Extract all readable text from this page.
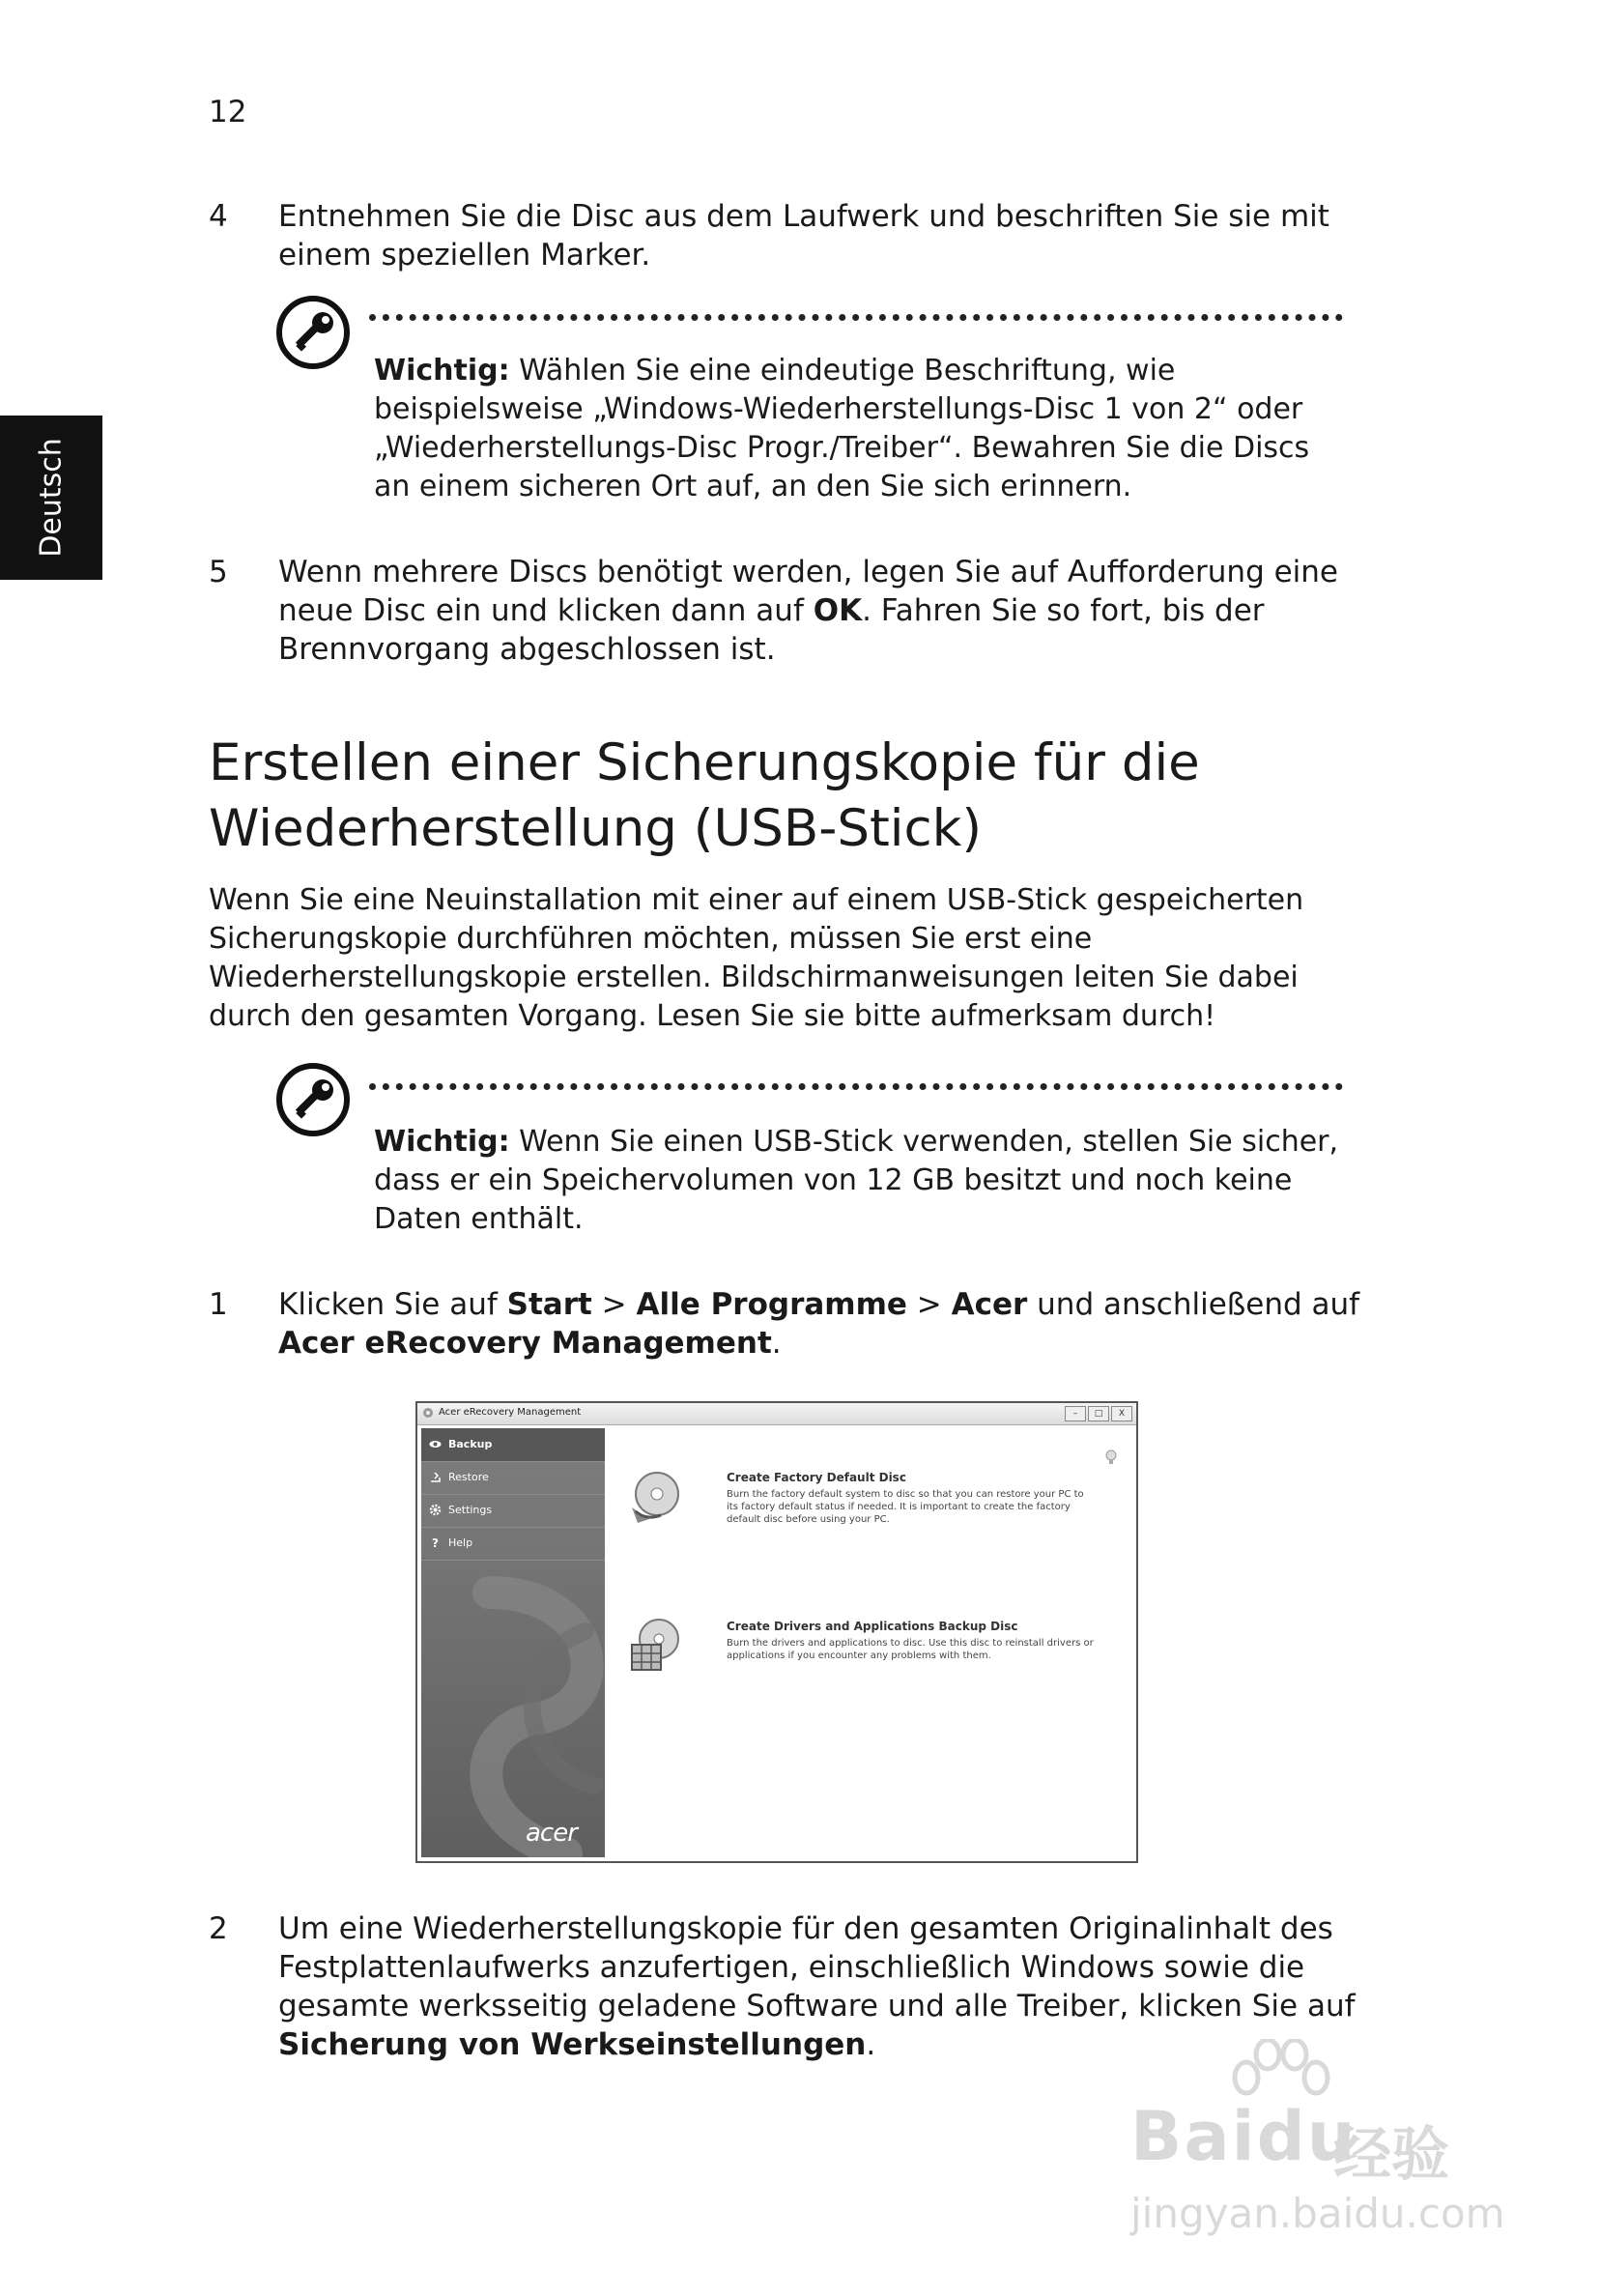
12
Deutsch
4 Entnehmen Sie die Disc aus dem Laufwerk und beschriften Sie sie mit einem speziellen Marker.
Wichtig: Wählen Sie eine eindeutige Beschriftung, wie beispielsweise „Windows-Wiederherstellungs-Disc 1 von 2“ oder „Wiederherstellungs-Disc Progr./Treiber“. Bewahren Sie die Discs an einem sicheren Ort auf, an den Sie sich erinnern.
5 Wenn mehrere Discs benötigt werden, legen Sie auf Aufforderung eine neue Disc ein und klicken dann auf OK. Fahren Sie so fort, bis der Brennvorgang abgeschlossen ist.
Erstellen einer Sicherungskopie für die Wiederherstellung (USB-Stick)
Wenn Sie eine Neuinstallation mit einer auf einem USB-Stick gespeicherten Sicherungskopie durchführen möchten, müssen Sie erst eine Wiederherstellungskopie erstellen. Bildschirmanweisungen leiten Sie dabei durch den gesamten Vorgang. Lesen Sie sie bitte aufmerksam durch!
Wichtig: Wenn Sie einen USB-Stick verwenden, stellen Sie sicher, dass er ein Speichervolumen von 12 GB besitzt und noch keine Daten enthält.
1 Klicken Sie auf Start > Alle Programme > Acer und anschließend auf Acer eRecovery Management.
Acer eRecovery Management	–	□	X
Backup
Restore
Settings
? Help
acer
Create Factory Default Disc
Burn the factory default system to disc so that you can restore your PC to its factory default status if needed. It is important to create the factory default disc before using your PC.
Create Drivers and Applications Backup Disc
Burn the drivers and applications to disc. Use this disc to reinstall drivers or applications if you encounter any problems with them.
2 Um eine Wiederherstellungskopie für den gesamten Originalinhalt des Festplattenlaufwerks anzufertigen, einschließlich Windows sowie die gesamte werksseitig geladene Software und alle Treiber, klicken Sie auf Sicherung von Werkseinstellungen.
Baidu
经验
jingyan.baidu.com
